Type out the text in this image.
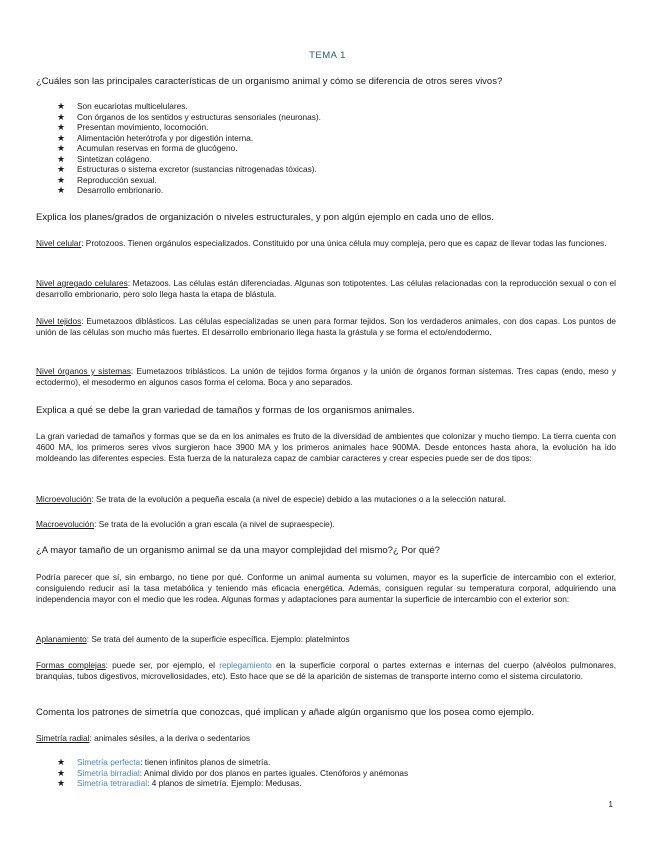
TEMA 1
¿Cuáles son las principales características de un organismo animal y cómo se diferencia de otros seres vivos?
★ Son eucariotas multicelulares.
★ Con órganos de los sentidos y estructuras sensoriales (neuronas).
★ Presentan movimiento, locomoción.
★ Alimentación heterótrofa y por digestión interna.
★ Acumulan reservas en forma de glucógeno.
★ Sintetizan colágeno.
★ Estructuras o sistema excretor (sustancias nitrogenadas tóxicas).
★ Reproducción sexual.
★ Desarrollo embrionario.
Explica los planes/grados de organización o niveles estructurales, y pon algún ejemplo en cada uno de ellos.
Nivel celular: Protozoos. Tienen orgánulos especializados. Constituido por una única célula muy compleja, pero que es capaz de llevar todas las funciones.
Nivel agregado celulares: Metazoos. Las células están diferenciadas. Algunas son totipotentes. Las células relacionadas con la reproducción sexual o con el desarrollo embrionario, pero solo llega hasta la etapa de blástula.
Nivel tejidos: Eumetazoos diblásticos. Las células especializadas se unen para formar tejidos. Son los verdaderos animales, con dos capas. Los puntos de unión de las células son mucho más fuertes. El desarrollo embrionario llega hasta la grástula y se forma el ecto/endodermo.
Nivel órganos y sistemas: Eumetazoos triblásticos. La unión de tejidos forma órganos y la unión de órganos forman sistemas. Tres capas (endo, meso y ectodermo), el mesodermo en algunos casos forma el celoma. Boca y ano separados.
Explica a qué se debe la gran variedad de tamaños y formas de los organismos animales.
La gran variedad de tamaños y formas que se da en los animales es fruto de la diversidad de ambientes que colonizar y mucho tiempo. La tierra cuenta con 4600 MA, los primeros seres vivos surgieron hace 3900 MA y los primeros animales hace 900MA. Desde entonces hasta ahora, la evolución ha ido moldeando las diferentes especies. Esta fuerza de la naturaleza capaz de cambiar caracteres y crear especies puede ser de dos tipos:
Microevolución: Se trata de la evolución a pequeña escala (a nivel de especie) debido a las mutaciones o a la selección natural.
Macroevolución: Se trata de la evolución a gran escala (a nivel de supraespecie).
¿A mayor tamaño de un organismo animal se da una mayor complejidad del mismo?¿ Por qué?
Podría parecer que sí, sin embargo, no tiene por qué. Conforme un animal aumenta su volumen, mayor es la superficie de intercambio con el exterior, consiguiendo reducir así la tasa metabólica y teniendo más eficacia energética. Además, consiguen regular su temperatura corporal, adquiriendo una independencia mayor con el medio que les rodea. Algunas formas y adaptaciones para aumentar la superficie de intercambio con el exterior son:
Aplanamiento: Se trata del aumento de la superficie específica. Ejemplo: platelmintos
Formas complejas: puede ser, por ejemplo, el replegamiento en la superficie corporal o partes externas e internas del cuerpo (alvéolos pulmonares, branquias, tubos digestivos, microvellosidades, etc). Esto hace que se dé la aparición de sistemas de transporte interno como el sistema circulatorio.
Comenta los patrones de simetría que conozcas, qué implican y añade algún organismo que los posea como ejemplo.
Simetría radial: animales sésiles, a la deriva o sedentarios
★ Simetría perfecta: tienen infinitos planos de simetría.
★ Simetría birradial: Animal divido por dos planos en partes iguales. Ctenóforos y anémonas
★ Simetría tetraradial: 4 planos de simetría. Ejemplo: Medusas.
1
